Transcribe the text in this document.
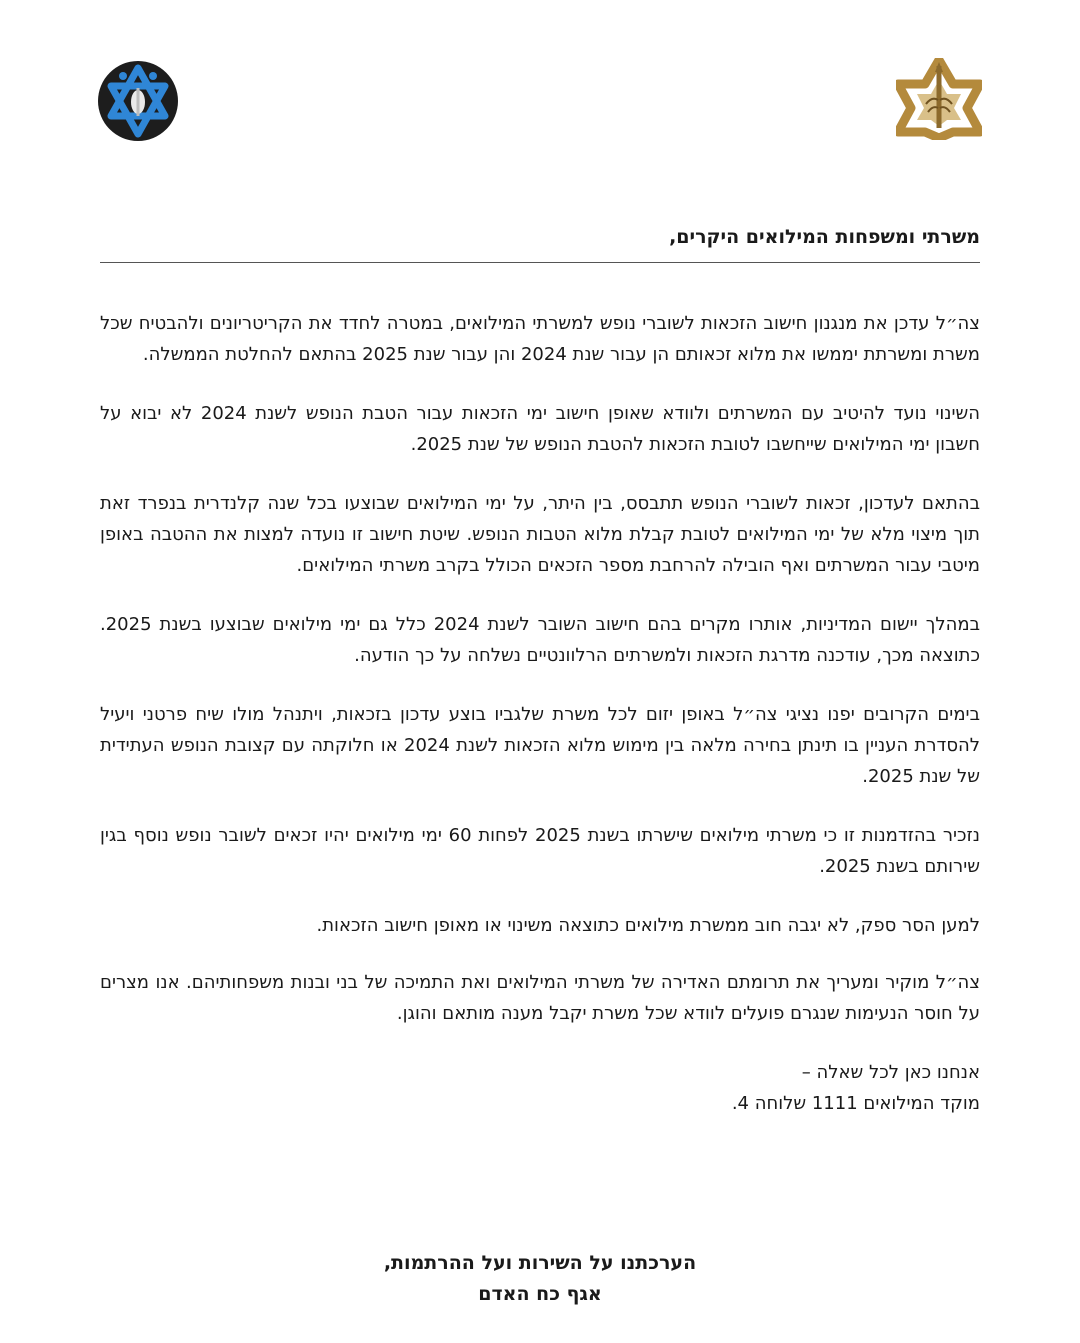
משרתי ומשפחות המילואים היקרים,

צה״ל עדכן את מנגנון חישוב הזכאות לשוברי נופש למשרתי המילואים, במטרה לחדד את הקריטריונים ולהבטיח שכל משרת ומשרתת יממשו את מלוא זכאותם הן עבור שנת 2024 והן עבור שנת 2025 בהתאם להחלטת הממשלה.

השינוי נועד להיטיב עם המשרתים ולוודא שאופן חישוב ימי הזכאות עבור הטבת הנופש לשנת 2024 לא יבוא על חשבון ימי המילואים שייחשבו לטובת הזכאות להטבת הנופש של שנת 2025.

בהתאם לעדכון, זכאות לשוברי הנופש תתבסס, בין היתר, על ימי המילואים שבוצעו בכל שנה קלנדרית בנפרד זאת תוך מיצוי מלא של ימי המילואים לטובת קבלת מלוא הטבות הנופש. שיטת חישוב זו נועדה למצות את ההטבה באופן מיטבי עבור המשרתים ואף הובילה להרחבת מספר הזכאים הכולל בקרב משרתי המילואים.

במהלך יישום המדיניות, אותרו מקרים בהם חישוב השובר לשנת 2024 כלל גם ימי מילואים שבוצעו בשנת 2025. כתוצאה מכך, עודכנה מדרגת הזכאות ולמשרתים הרלוונטיים נשלחה על כך הודעה.

בימים הקרובים יפנו נציגי צה״ל באופן יזום לכל משרת שלגביו בוצע עדכון בזכאות, ויתנהל מולו שיח פרטני ויעיל להסדרת העניין בו תינתן בחירה מלאה בין מימוש מלוא הזכאות לשנת 2024 או חלוקתה עם קצובת הנופש העתידית של שנת 2025.

נזכיר בהזדמנות זו כי משרתי מילואים שישרתו בשנת 2025 לפחות 60 ימי מילואים יהיו זכאים לשובר נופש נוסף בגין שירותם בשנת 2025.

למען הסר ספק, לא יגבה חוב ממשרת מילואים כתוצאה משינוי או מאופן חישוב הזכאות.

צה״ל מוקיר ומעריך את תרומתם האדירה של משרתי המילואים ואת התמיכה של בני ובנות משפחותיהם. אנו מצרים על חוסר הנעימות שנגרם פועלים לוודא שכל משרת יקבל מענה מותאם והוגן.

אנחנו כאן לכל שאלה –
מוקד המילואים 1111 שלוחה 4.
הערכתנו על השירות ועל ההרתמות,
אגף כח האדם
